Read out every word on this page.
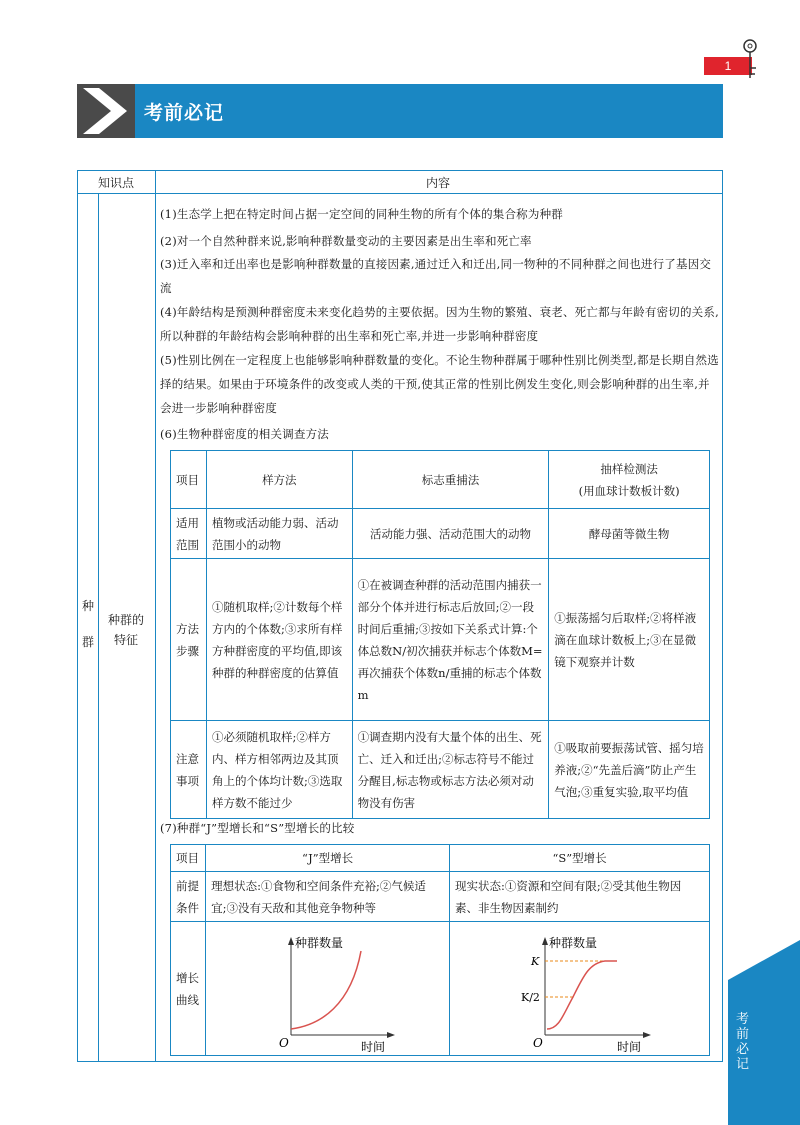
1
考前必记
考前必记
知识点	内容
种
群
种群的特征
(1)生态学上把在特定时间占据一定空间的同种生物的所有个体的集合称为种群
(2)对一个自然种群来说,影响种群数量变动的主要因素是出生率和死亡率
(3)迁入率和迁出率也是影响种群数量的直接因素,通过迁入和迁出,同一物种的不同种群之间也进行了基因交流
(4)年龄结构是预测种群密度未来变化趋势的主要依据。因为生物的繁殖、衰老、死亡都与年龄有密切的关系,所以种群的年龄结构会影响种群的出生率和死亡率,并进一步影响种群密度
(5)性别比例在一定程度上也能够影响种群数量的变化。不论生物种群属于哪种性别比例类型,都是长期自然选择的结果。如果由于环境条件的改变或人类的干预,使其正常的性别比例发生变化,则会影响种群的出生率,并会进一步影响种群密度
(6)生物种群密度的相关调查方法
项目	样方法	标志重捕法	抽样检测法
(用血球计数板计数)

适用范围	植物或活动能力弱、活动范围小的动物	活动能力强、活动范围大的动物	酵母菌等微生物
方法步骤	①随机取样;②计数每个样方内的个体数;③求所有样方种群密度的平均值,即该种群的种群密度的估算值	①在被调查种群的活动范围内捕获一部分个体并进行标志后放回;②一段时间后重捕;③按如下关系式计算:个体总数N/初次捕获并标志个体数M=再次捕获个体数n/重捕的标志个体数m	①振荡摇匀后取样;②将样液滴在血球计数板上;③在显微镜下观察并计数
注意事项	①必须随机取样;②样方内、样方相邻两边及其顶角上的个体均计数;③选取样方数不能过少	①调查期内没有大量个体的出生、死亡、迁入和迁出;②标志符号不能过分醒目,标志物或标志方法必须对动物没有伤害	①吸取前要振荡试管、摇匀培养液;②“先盖后滴”防止产生气泡;③重复实验,取平均值
(7)种群“J”型增长和“S”型增长的比较
项目	“J”型增长	“S”型增长
前提条件	理想状态:①食物和空间条件充裕;②气候适宜;③没有天敌和其他竞争物种等	现实状态:①资源和空间有限;②受其他生物因素、非生物因素制约
增长曲线	种群数量
O 时间	种群数量
K
K/2
O 时间
